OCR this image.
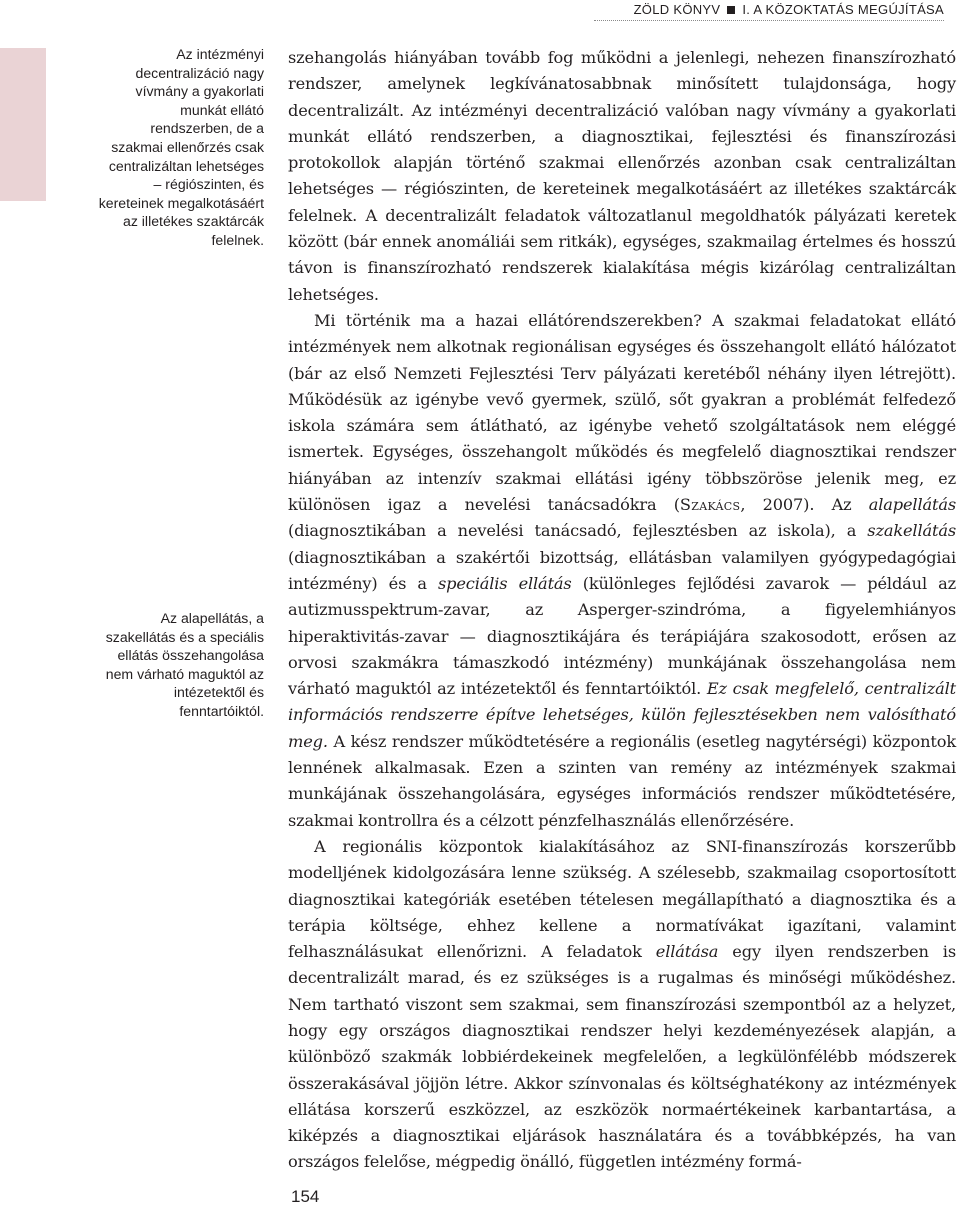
ZÖLD KÖNYV I. A KÖZOKTATÁS MEGÚJÍTÁSA
Az intézményi decentralizáció nagy vívmány a gyakorlati munkát ellátó rendszerben, de a szakmai ellenőrzés csak centralizáltan lehetséges – régiószinten, és kereteinek megalkotásáért az illetékes szaktárcák felelnek.
Az alapellátás, a szakellátás és a speciális ellátás összehangolása nem várható maguktól az intézetektől és fenntartóiktól.

szehangolás hiányában tovább fog működni a jelenlegi, nehezen finanszírozható rendszer, amelynek legkívánatosabbnak minősített tulajdonsága, hogy decentralizált. Az intézményi decentralizáció valóban nagy vívmány a gyakorlati munkát ellátó rendszerben, a diagnosztikai, fejlesztési és finanszírozási protokollok alapján történő szakmai ellenőrzés azonban csak centralizáltan lehetséges — régiószinten, de kereteinek megalkotásáért az illetékes szaktárcák felelnek. A decentralizált feladatok változatlanul megoldhatók pályázati keretek között (bár ennek anomáliái sem ritkák), egységes, szakmailag értelmes és hosszú távon is finanszírozható rendszerek kialakítása mégis kizárólag centralizáltan lehetséges.

Mi történik ma a hazai ellátórendszerekben? A szakmai feladatokat ellátó intézmények nem alkotnak regionálisan egységes és összehangolt ellátó hálózatot (bár az első Nemzeti Fejlesztési Terv pályázati keretéből néhány ilyen létrejött). Működésük az igénybe vevő gyermek, szülő, sőt gyakran a problémát felfedező iskola számára sem átlátható, az igénybe vehető szolgáltatások nem eléggé ismertek. Egységes, összehangolt működés és megfelelő diagnosztikai rendszer hiányában az intenzív szakmai ellátási igény többszöröse jelenik meg, ez különösen igaz a nevelési tanácsadókra (Szakács, 2007). Az alapellátás (diagnosztikában a nevelési tanácsadó, fejlesztésben az iskola), a szakellátás (diagnosztikában a szakértői bizottság, ellátásban valamilyen gyógypedagógiai intézmény) és a speciális ellátás (különleges fejlődési zavarok — például az autizmusspektrum-zavar, az Asperger-szindróma, a figyelemhiányos hiperaktivitás-zavar — diagnosztikájára és terápiájára szakosodott, erősen az orvosi szakmákra támaszkodó intézmény) munkájának összehangolása nem várható maguktól az intézetektől és fenntartóiktól. Ez csak megfelelő, centralizált információs rendszerre építve lehetséges, külön fejlesztésekben nem valósítható meg. A kész rendszer működtetésére a regionális (esetleg nagytérségi) központok lennének alkalmasak. Ezen a szinten van remény az intézmények szakmai munkájának összehangolására, egységes információs rendszer működtetésére, szakmai kontrollra és a célzott pénzfelhasználás ellenőrzésére.

A regionális központok kialakításához az SNI-finanszírozás korszerűbb modelljének kidolgozására lenne szükség. A szélesebb, szakmailag csoportosított diagnosztikai kategóriák esetében tételesen megállapítható a diagnosztika és a terápia költsége, ehhez kellene a normatívákat igazítani, valamint felhasználásukat ellenőrizni. A feladatok ellátása egy ilyen rendszerben is decentralizált marad, és ez szükséges is a rugalmas és minőségi működéshez. Nem tartható viszont sem szakmai, sem finanszírozási szempontból az a helyzet, hogy egy országos diagnosztikai rendszer helyi kezdeményezések alapján, a különböző szakmák lobbiérdekeinek megfelelően, a legkülönfélébb módszerek összerakásával jöjjön létre. Akkor színvonalas és költséghatékony az intézmények ellátása korszerű eszközzel, az eszközök normaértékeinek karbantartása, a kiképzés a diagnosztikai eljárások használatára és a továbbképzés, ha van országos felelőse, mégpedig önálló, független intézmény formá-

154
